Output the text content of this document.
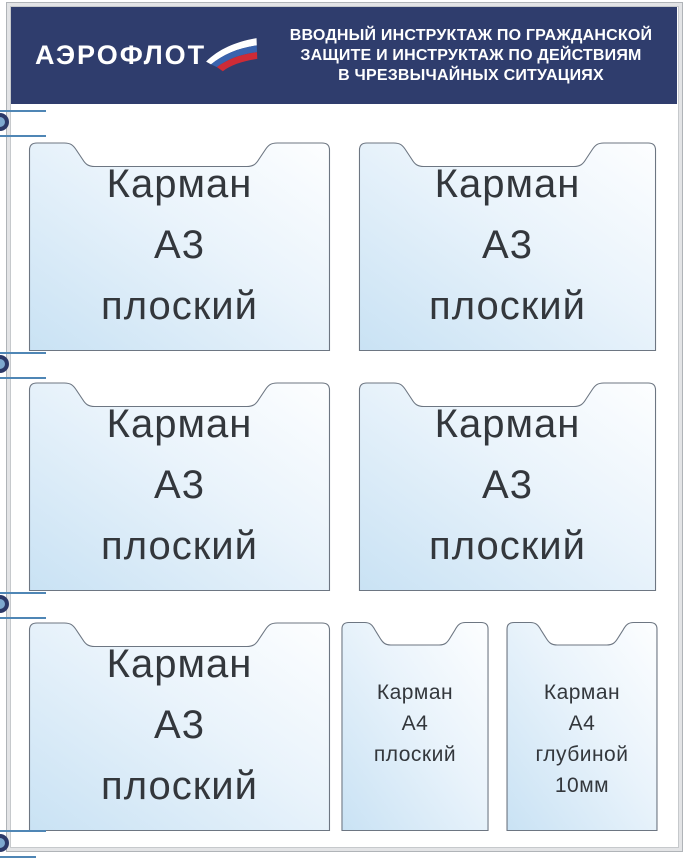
АЭРОФЛОТ
ВВОДНЫЙ ИНСТРУКТАЖ ПО ГРАЖДАНСКОЙ
ЗАЩИТЕ И ИНСТРУКТАЖ ПО ДЕЙСТВИЯМ
В ЧРЕЗВЫЧАЙНЫХ СИТУАЦИЯХ
Карман
А3
плоский
Карман
А3
плоский
Карман
А3
плоский
Карман
А3
плоский
Карман
А3
плоский
Карман
А4
плоский
Карман
А4
глубиной
10мм
